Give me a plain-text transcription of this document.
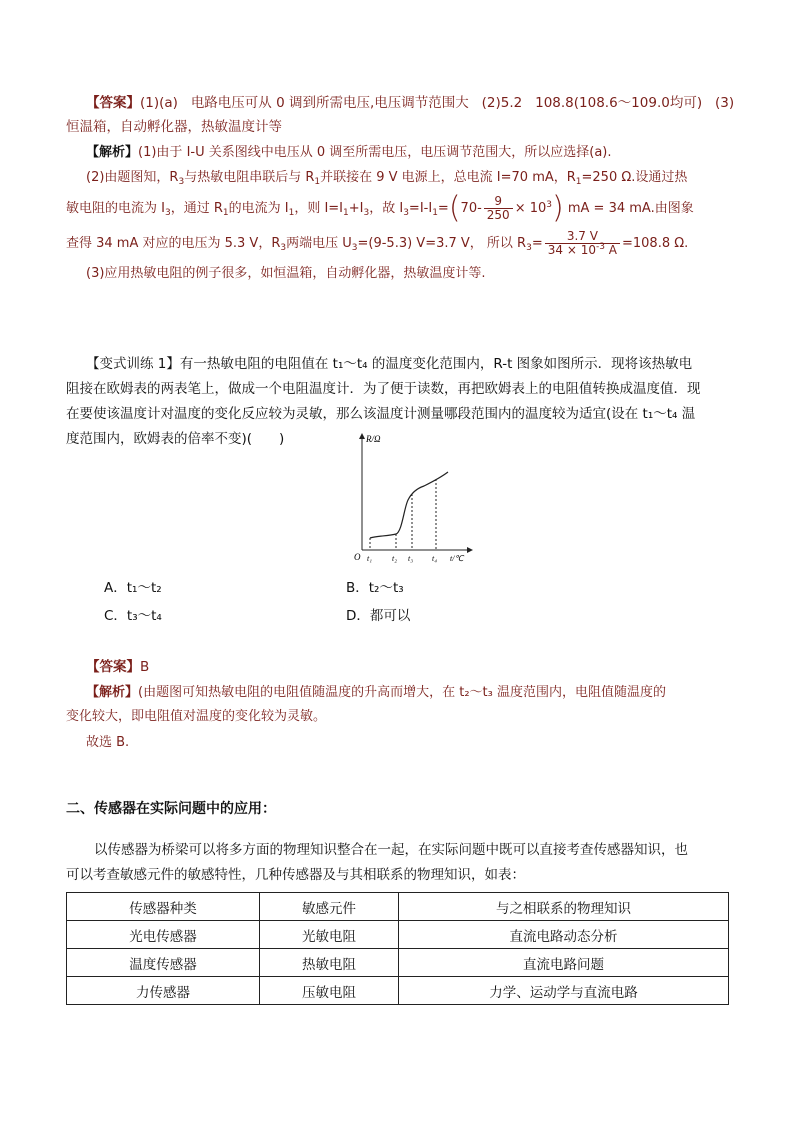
【答案】(1)(a) 电路电压可从 0 调到所需电压,电压调节范围大 (2)5.2 108.8(108.6～109.0均可) (3)
恒温箱，自动孵化器，热敏温度计等
【解析】(1)由于 I-U 关系图线中电压从 0 调至所需电压，电压调节范围大，所以应选择(a).
(2)由题图知，$R_3$与热敏电阻串联后与 $R_1$并联接在 9 V 电源上，总电流 I=70 mA，$R_1=250$ Ω.设通过热
敏电阻的电流为 $I_3$，通过 $R_1$的电流为 $I_1$，则 $I=I_1+I_3$，故 $I_3=I-I_1=(70- \frac{9}{250} \times 10^3)$ mA = 34 mA.由图象
查得 34 mA 对应的电压为 5.3 V，$R_3$两端电压 $U_3=(9-5.3)$ V=3.7 V， 所以 $R_3= \frac{3.7 V}{34 \times 10^{-3} A} =108.8$ Ω.
(3)应用热敏电阻的例子很多，如恒温箱，自动孵化器，热敏温度计等.
【变式训练 1】有一热敏电阻的电阻值在 t₁～t₄ 的温度变化范围内，R-t 图象如图所示．现将该热敏电
阻接在欧姆表的两表笔上，做成一个电阻温度计．为了便于读数，再把欧姆表上的电阻值转换成温度值．现
在要使该温度计对温度的变化反应较为灵敏，那么该温度计测量哪段范围内的温度较为适宜(设在 t₁～t₄ 温
度范围内，欧姆表的倍率不变)(　　)	R/Ω
O t₁ t₂ t₃ t₄ t/℃
A．t₁～t₂	B．t₂～t₃
C．t₃～t₄	D．都可以
【答案】B
【解析】(由题图可知热敏电阻的电阻值随温度的升高而增大，在 t₂～t₃ 温度范围内，电阻值随温度的
变化较大，即电阻值对温度的变化较为灵敏。
故选 B.
二、传感器在实际问题中的应用：
以传感器为桥梁可以将多方面的物理知识整合在一起，在实际问题中既可以直接考查传感器知识，也
可以考查敏感元件的敏感特性，几种传感器及与其相联系的物理知识，如表：
传感器种类	敏感元件	与之相联系的物理知识
光电传感器	光敏电阻	直流电路动态分析
温度传感器	热敏电阻	直流电路问题
力传感器	压敏电阻	力学、运动学与直流电路
